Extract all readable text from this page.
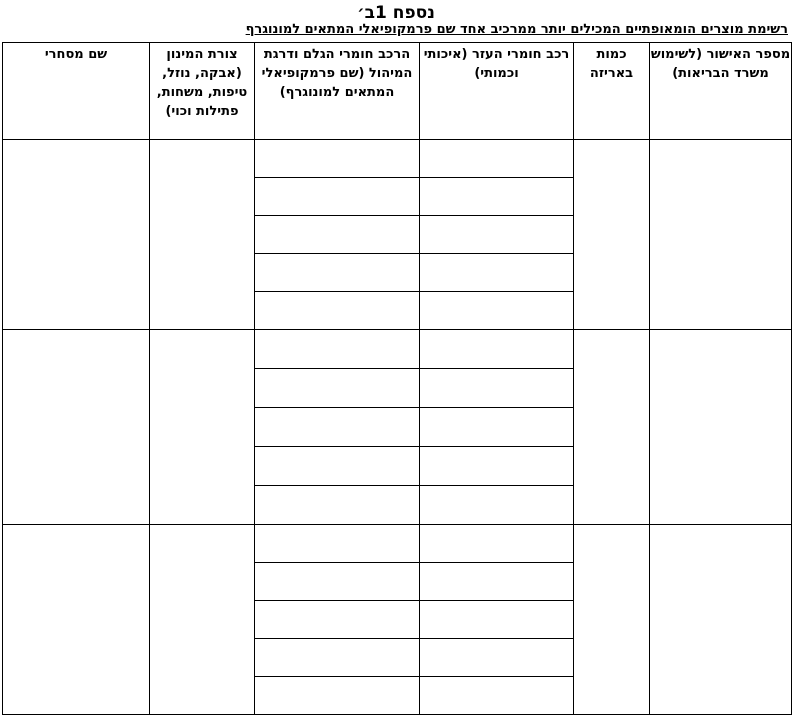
נספח 1ב׳
רשימת מוצרים הומאופתיים המכילים יותר ממרכיב אחד שם פרמקופיאלי המתאים למונוגרף
מספר האישור (לשימוש משרד הבריאות)	כמות באריזה	רכב חומרי העזר (איכותי וכמותי)	הרכב חומרי הגלם ודרגת המיהול (שם פרמקופיאלי המתאים למונוגרף)	צורת המינון (אבקה, נוזל, טיפות, משחות, פתילות וכוי)	שם מסחרי
